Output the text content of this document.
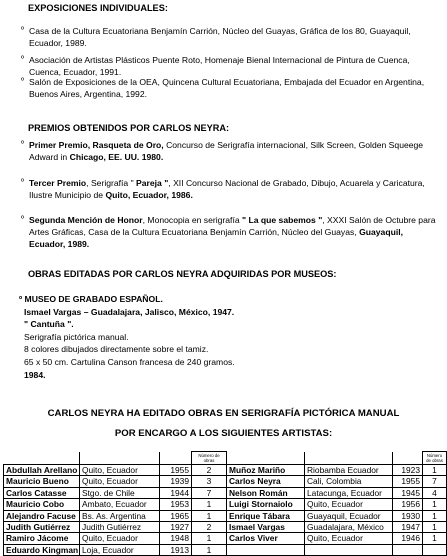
EXPOSICIONES INDIVIDUALES:
º Casa de la Cultura Ecuatoriana Benjamín Carrión, Núcleo del Guayas, Gráfica de los 80, Guayaquil, Ecuador, 1989.
º Asociación de Artistas Plásticos Puente Roto, Homenaje Bienal Internacional de Pintura de Cuenca, Cuenca, Ecuador, 1991.
º Salón de Exposiciones de la OEA, Quincena Cultural Ecuatoriana, Embajada del Ecuador en Argentina, Buenos Aires, Argentina, 1992.
PREMIOS OBTENIDOS POR CARLOS NEYRA:
º Primer Premio, Rasqueta de Oro, Concurso de Serigrafía internacional, Silk Screen, Golden Squeege Adward in Chicago, EE. UU. 1980.
º Tercer Premio, Serigrafía " Pareja ", XII Concurso Nacional de Grabado, Dibujo, Acuarela y Caricatura, Ilustre Municipio de Quito, Ecuador, 1986.
º Segunda Mención de Honor, Monocopia en serigrafía " La que sabemos ", XXXI Salón de Octubre para Artes Gráficas, Casa de la Cultura Ecuatoriana Benjamín Carrión, Núcleo del Guayas, Guayaquil, Ecuador, 1989.
OBRAS EDITADAS POR CARLOS NEYRA ADQUIRIDAS POR MUSEOS:
º MUSEO DE GRABADO ESPAÑOL.
Ismael Vargas – Guadalajara, Jalisco, México, 1947.
" Cantuña ".
Serigrafía pictórica manual.
8 colores dibujados directamente sobre el tamiz.
65 x 50 cm. Cartulina Canson francesa de 240 gramos.
1984.
CARLOS NEYRA HA EDITADO OBRAS EN SERIGRAFÍA PICTÓRICA MANUAL
POR ENCARGO A LOS SIGUIENTES ARTISTAS:
			Número de obras				Número de obras
Abdullah Arellano	Quito, Ecuador	1955	2	Muñoz Mariño	Riobamba Ecuador	1923	1
Mauricio Bueno	Quito, Ecuador	1939	3	Carlos Neyra	Cali, Colombia	1955	7
Carlos Catasse	Stgo. de Chile	1944	7	Nelson Román	Latacunga, Ecuador	1945	4
Mauricio Cobo	Ambato, Ecuador	1953	1	Luigi Stornaiolo	Quito, Ecuador	1956	1
Alejandro Facuse	Bs. As. Argentina	1965	1	Enrique Tábara	Guayaquil, Ecuador	1930	1
Judith Gutiérrez	Judith Gutiérrez	1927	2	Ismael Vargas	Guadalajara, México	1947	1
Ramiro Jácome	Quito, Ecuador	1948	1	Carlos Viver	Quito, Ecuador	1946	1
Eduardo Kingman	Loja, Ecuador	1913	1				
